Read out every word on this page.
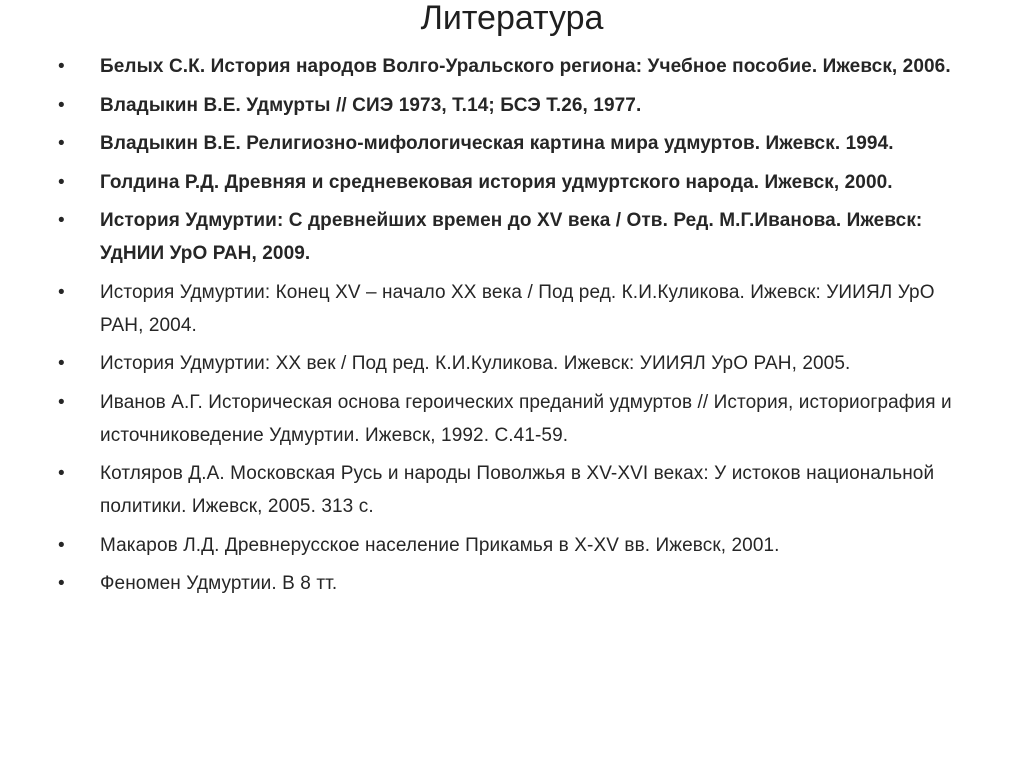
Литература
•	Белых С.К. История народов Волго-Уральского региона: Учебное пособие. Ижевск, 2006.
•	Владыкин В.Е. Удмурты // СИЭ 1973, Т.14; БСЭ Т.26, 1977.
•	Владыкин В.Е. Религиозно-мифологическая картина мира удмуртов. Ижевск. 1994.
•	Голдина Р.Д. Древняя и средневековая история удмуртского народа. Ижевск, 2000.
•	История Удмуртии: С древнейших времен до XV века / Отв. Ред. М.Г.Иванова. Ижевск: УдНИИ УрО РАН, 2009.
•	История Удмуртии: Конец XV – начало XX века / Под ред. К.И.Куликова. Ижевск: УИИЯЛ УрО РАН, 2004.
•	История Удмуртии: XX век / Под ред. К.И.Куликова. Ижевск: УИИЯЛ УрО РАН, 2005.
•	Иванов А.Г. Историческая основа героических преданий удмуртов // История, историография и источниковедение Удмуртии. Ижевск, 1992. С.41-59.
•	Котляров Д.А. Московская Русь и народы Поволжья в XV-XVI веках: У истоков национальной политики. Ижевск, 2005. 313 с.
•	Макаров Л.Д. Древнерусское население Прикамья в X-XV вв. Ижевск, 2001.
•	Феномен Удмуртии. В 8 тт.
